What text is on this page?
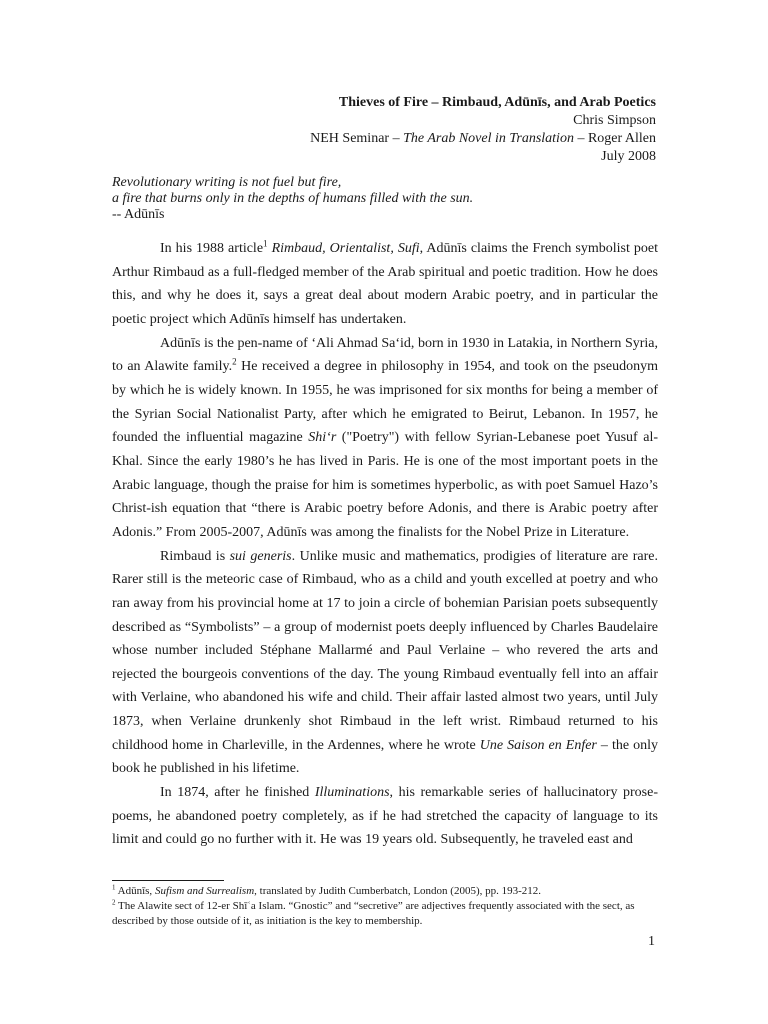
Thieves of Fire – Rimbaud, Adūnīs, and Arab Poetics
Chris Simpson
NEH Seminar – The Arab Novel in Translation – Roger Allen
July 2008
Revolutionary writing is not fuel but fire,
a fire that burns only in the depths of humans filled with the sun.
-- Adūnīs

In his 1988 article$^1$ Rimbaud, Orientalist, Sufi, Adūnīs claims the French symbolist poet Arthur Rimbaud as a full-fledged member of the Arab spiritual and poetic tradition. How he does this, and why he does it, says a great deal about modern Arabic poetry, and in particular the poetic project which Adūnīs himself has undertaken.

Adūnīs is the pen-name of ‘Ali Ahmad Sa‘id, born in 1930 in Latakia, in Northern Syria, to an Alawite family.$^2$ He received a degree in philosophy in 1954, and took on the pseudonym by which he is widely known. In 1955, he was imprisoned for six months for being a member of the Syrian Social Nationalist Party, after which he emigrated to Beirut, Lebanon. In 1957, he founded the influential magazine Shi‘r ("Poetry") with fellow Syrian-Lebanese poet Yusuf al-Khal. Since the early 1980’s he has lived in Paris. He is one of the most important poets in the Arabic language, though the praise for him is sometimes hyperbolic, as with poet Samuel Hazo’s Christ-ish equation that “there is Arabic poetry before Adonis, and there is Arabic poetry after Adonis.” From 2005-2007, Adūnīs was among the finalists for the Nobel Prize in Literature.

Rimbaud is sui generis. Unlike music and mathematics, prodigies of literature are rare. Rarer still is the meteoric case of Rimbaud, who as a child and youth excelled at poetry and who ran away from his provincial home at 17 to join a circle of bohemian Parisian poets subsequently described as “Symbolists” – a group of modernist poets deeply influenced by Charles Baudelaire whose number included Stéphane Mallarmé and Paul Verlaine – who revered the arts and rejected the bourgeois conventions of the day. The young Rimbaud eventually fell into an affair with Verlaine, who abandoned his wife and child. Their affair lasted almost two years, until July 1873, when Verlaine drunkenly shot Rimbaud in the left wrist. Rimbaud returned to his childhood home in Charleville, in the Ardennes, where he wrote Une Saison en Enfer – the only book he published in his lifetime.

In 1874, after he finished Illuminations, his remarkable series of hallucinatory prose-poems, he abandoned poetry completely, as if he had stretched the capacity of language to its limit and could go no further with it. He was 19 years old. Subsequently, he traveled east and

$^1$ Adūnīs, Sufism and Surrealism, translated by Judith Cumberbatch, London (2005), pp. 193-212.

$^2$ The Alawite sect of 12-er Shīʿa Islam. “Gnostic” and “secretive” are adjectives frequently associated with the sect, as described by those outside of it, as initiation is the key to membership.

1
